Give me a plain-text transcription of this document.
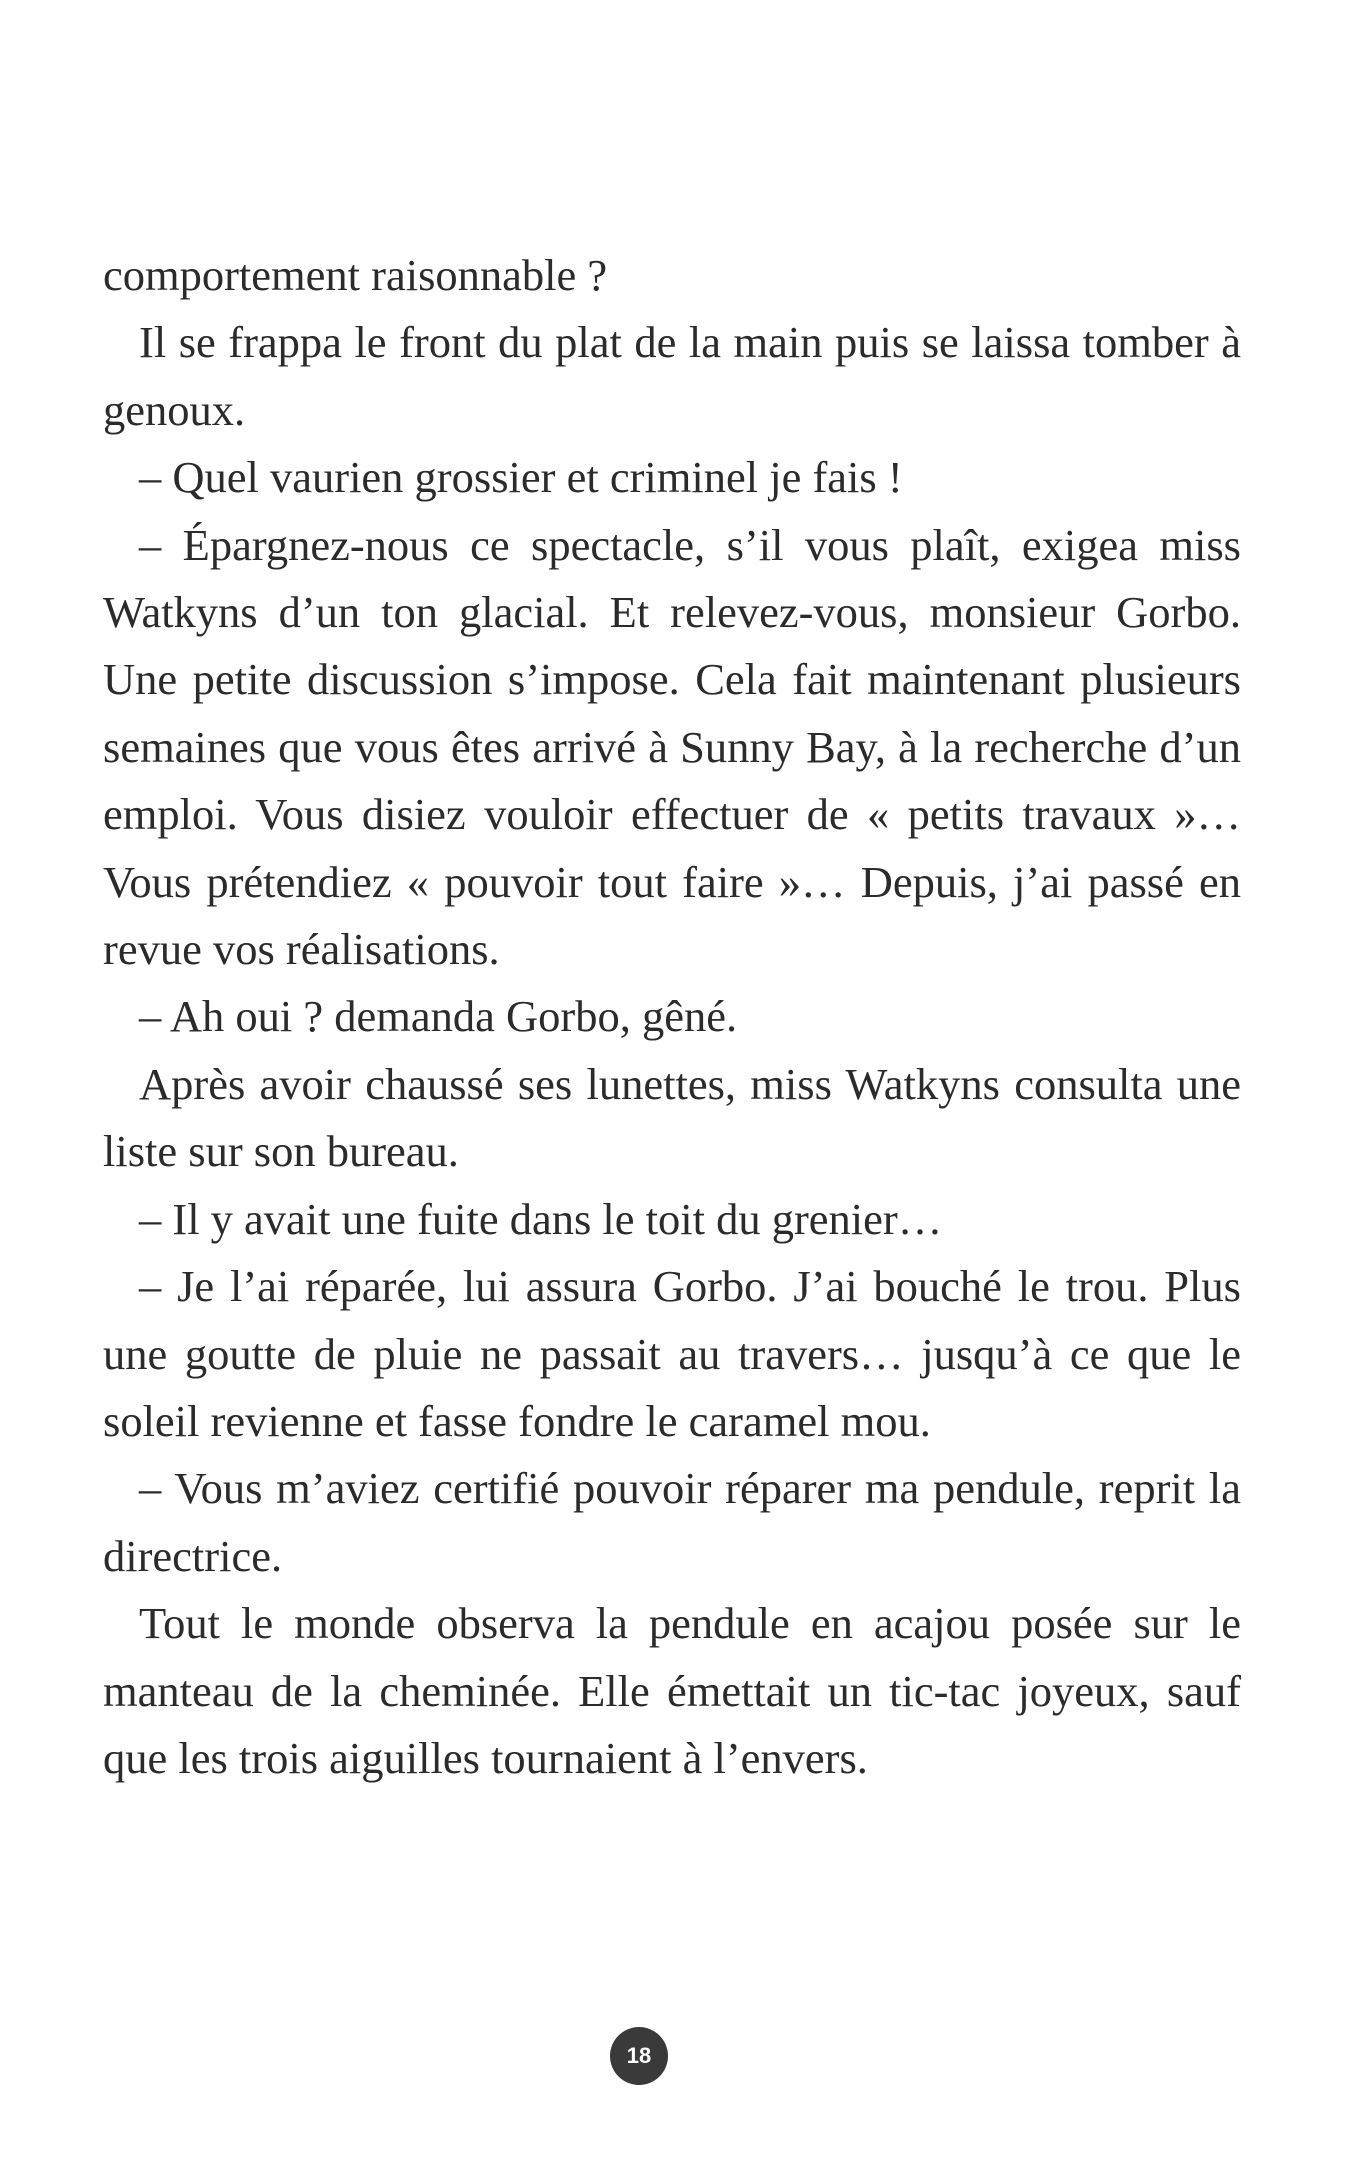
comportement raisonnable ?

Il se frappa le front du plat de la main puis se laissa tomber à genoux.

– Quel vaurien grossier et criminel je fais !

– Épargnez-nous ce spectacle, s’il vous plaît, exigea miss Watkyns d’un ton glacial. Et relevez-vous, monsieur Gorbo. Une petite discussion s’impose. Cela fait maintenant plusieurs semaines que vous êtes arrivé à Sunny Bay, à la recherche d’un emploi. Vous disiez vouloir effectuer de « petits travaux »… Vous prétendiez « pouvoir tout faire »… Depuis, j’ai passé en revue vos réalisations.

– Ah oui ? demanda Gorbo, gêné.

Après avoir chaussé ses lunettes, miss Watkyns consulta une liste sur son bureau.

– Il y avait une fuite dans le toit du grenier…

– Je l’ai réparée, lui assura Gorbo. J’ai bouché le trou. Plus une goutte de pluie ne passait au travers… jusqu’à ce que le soleil revienne et fasse fondre le caramel mou.

– Vous m’aviez certifié pouvoir réparer ma pendule, reprit la directrice.

Tout le monde observa la pendule en acajou posée sur le manteau de la cheminée. Elle émettait un tic-tac joyeux, sauf que les trois aiguilles tournaient à l’envers.

18
